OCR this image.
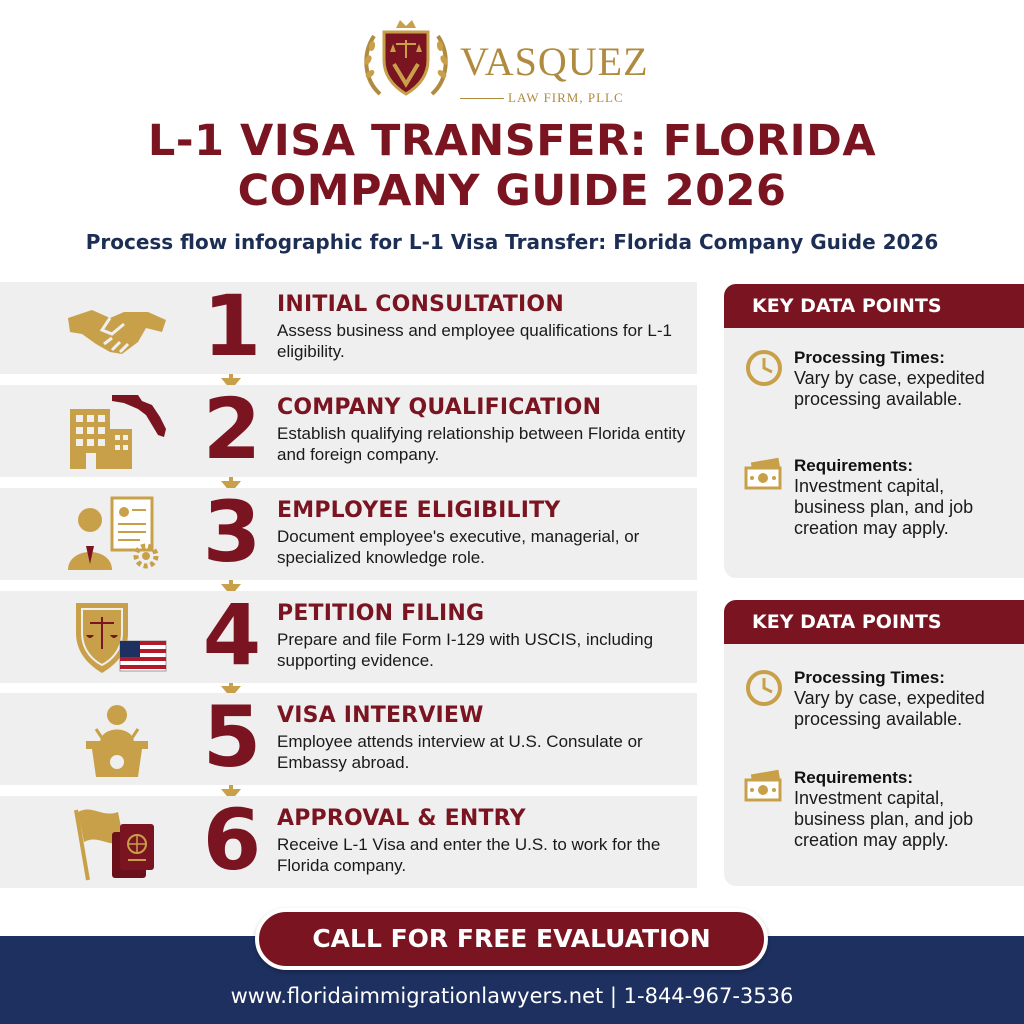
VASQUEZ
LAW FIRM, PLLC
L-1 VISA TRANSFER: FLORIDA
COMPANY GUIDE 2026
Process flow infographic for L-1 Visa Transfer: Florida Company Guide 2026
1 INITIAL CONSULTATION
Assess business and employee qualifications for L-1 eligibility.
2 COMPANY QUALIFICATION
Establish qualifying relationship between Florida entity and foreign company.
3 EMPLOYEE ELIGIBILITY
Document employee's executive, managerial, or specialized knowledge role.
4 PETITION FILING
Prepare and file Form I-129 with USCIS, including supporting evidence.
5 VISA INTERVIEW
Employee attends interview at U.S. Consulate or Embassy abroad.
6 APPROVAL & ENTRY
Receive L-1 Visa and enter the U.S. to work for the Florida company.
KEY DATA POINTS
Processing Times:
Vary by case, expedited processing available.
Requirements:
Investment capital, business plan, and job creation may apply.
KEY DATA POINTS
Processing Times:
Vary by case, expedited processing available.
Requirements:
Investment capital, business plan, and job creation may apply.
CALL FOR FREE EVALUATION
www.floridaimmigrationlawyers.net | 1-844-967-3536
